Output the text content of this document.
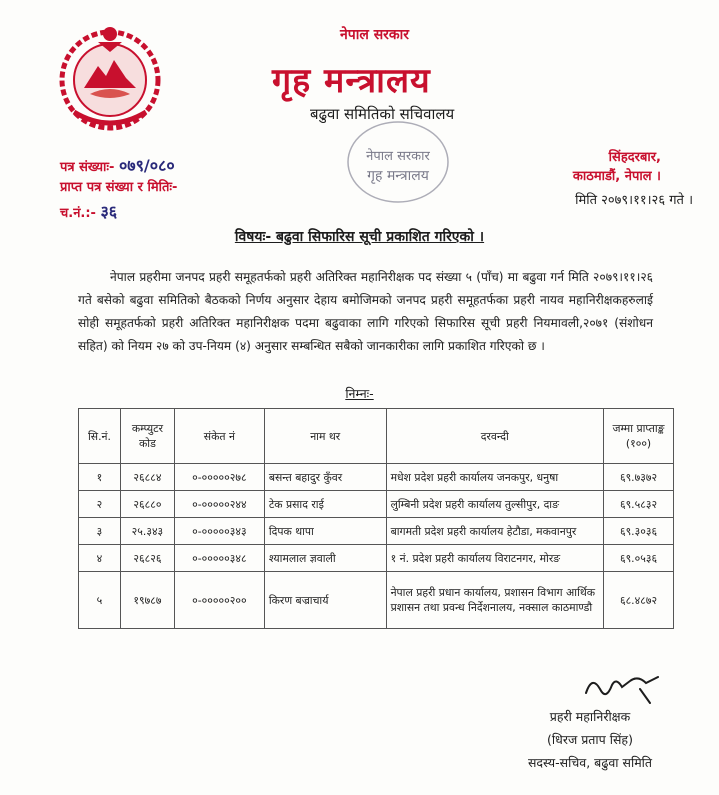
नेपाल सरकार
गृह मन्त्रालय
बढुवा समितिको सचिवालय
नेपाल सरकार
गृह मन्त्रालय
पत्र संख्याः- ०७९/०८०
प्राप्त पत्र संख्या र मितिः-
च.नं.:- ३६
सिंहदरबार,
काठमाडौं, नेपाल ।
मिति २०७९।११।२६ गते ।
विषयः- बढुवा सिफारिस सूची प्रकाशित गरिएको ।
नेपाल प्रहरीमा जनपद प्रहरी समूहतर्फको प्रहरी अतिरिक्त महानिरीक्षक पद संख्या ५ (पाँच) मा बढुवा गर्न मिति २०७९।११।२६ गते बसेको बढुवा समितिको बैठकको निर्णय अनुसार देहाय बमोजिमको जनपद प्रहरी समूहतर्फका प्रहरी नायव महानिरीक्षकहरुलाई सोही समूहतर्फको प्रहरी अतिरिक्त महानिरीक्षक पदमा बढुवाका लागि गरिएको सिफारिस सूची प्रहरी नियमावली,२०७१ (संशोधन सहित) को नियम २७ को उप-नियम (४) अनुसार सम्बन्धित सबैको जानकारीका लागि प्रकाशित गरिएको छ ।
निम्नः-
सि.नं.	कम्प्युटर कोड	संकेत नं	नाम थर	दरवन्दी	जम्मा प्राप्ताङ्क
(१००)

१	२६८८४	०-०००००२७८	बसन्त बहादुर कुँवर	मधेश प्रदेश प्रहरी कार्यालय जनकपुर, धनुषा	६९.७३७२
२	२६८८०	०-०००००२४४	टेक प्रसाद राई	लुम्बिनी प्रदेश प्रहरी कार्यालय तुल्सीपुर, दाङ	६९.५८३२
३	२५.३४३	०-०००००३४३	दिपक थापा	बागमती प्रदेश प्रहरी कार्यालय हेटौडा, मकवानपुर	६९.३०३६
४	२६८२६	०-०००००३४८	श्यामलाल ज्ञवाली	१ नं. प्रदेश प्रहरी कार्यालय विराटनगर, मोरङ	६९.०५३६
५	१९७८७	०-०००००२००	किरण बज्राचार्य	नेपाल प्रहरी प्रधान कार्यालय, प्रशासन विभाग आर्थिक प्रशासन तथा प्रवन्ध निर्देशनालय, नक्साल काठमाण्डौ	६८.४८७२
प्रहरी महानिरीक्षक
(धिरज प्रताप सिंह)
सदस्य-सचिव, बढुवा समिति
